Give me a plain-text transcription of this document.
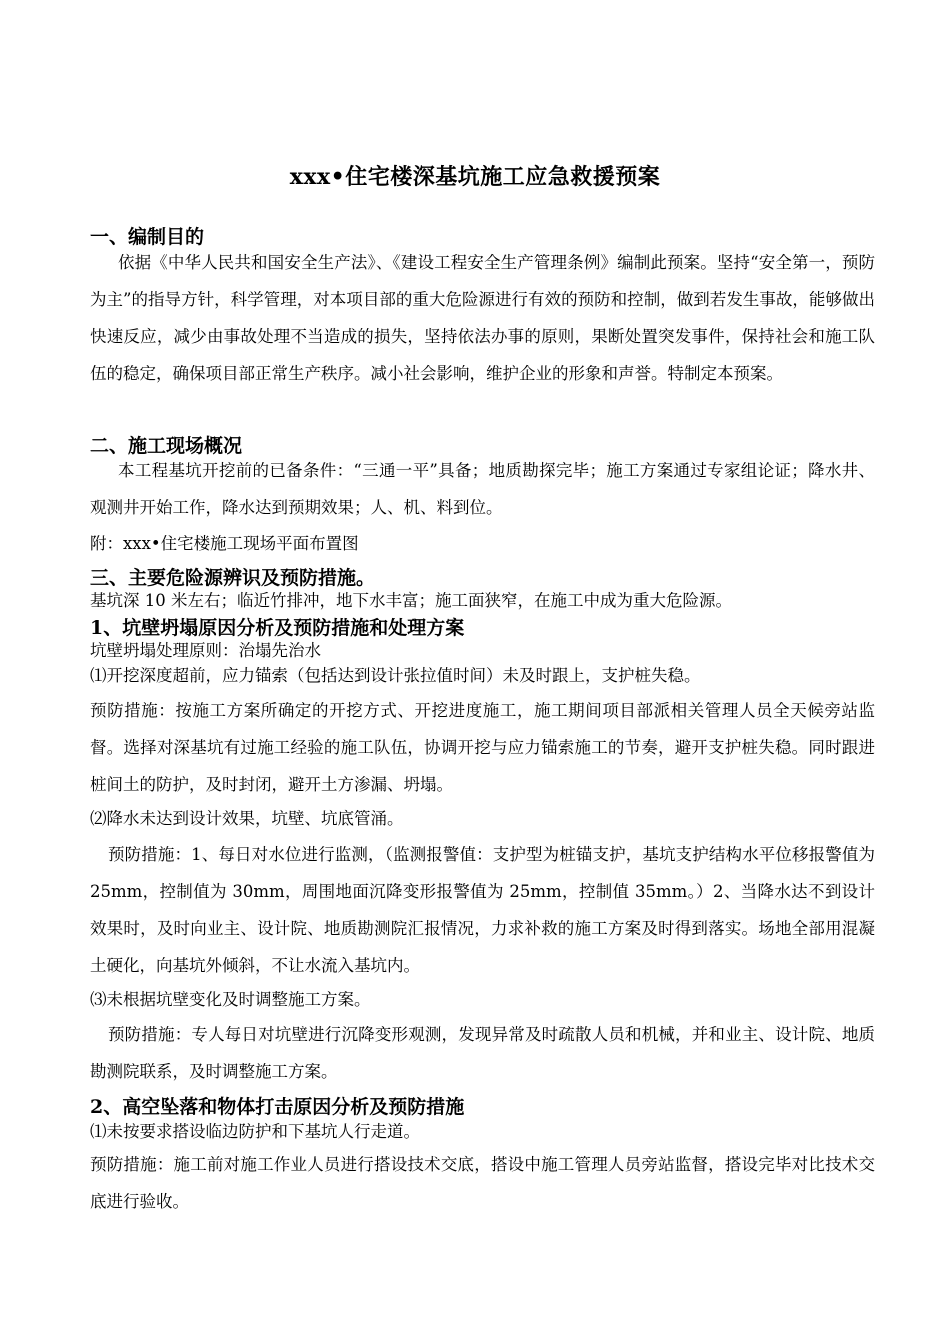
xxx•住宅楼深基坑施工应急救援预案
一、编制目的
依据《中华人民共和国安全生产法》、《建设工程安全生产管理条例》编制此预案。坚持“安全第一，预防为主”的指导方针，科学管理，对本项目部的重大危险源进行有效的预防和控制，做到若发生事故，能够做出快速反应，减少由事故处理不当造成的损失，坚持依法办事的原则，果断处置突发事件，保持社会和施工队伍的稳定，确保项目部正常生产秩序。减小社会影响，维护企业的形象和声誉。特制定本预案。
二、施工现场概况
本工程基坑开挖前的已备条件：“三通一平”具备；地质勘探完毕；施工方案通过专家组论证；降水井、观测井开始工作，降水达到预期效果；人、机、料到位。
附：xxx•住宅楼施工现场平面布置图
三、主要危险源辨识及预防措施。
基坑深 10 米左右；临近竹排冲，地下水丰富；施工面狭窄，在施工中成为重大危险源。
1、坑壁坍塌原因分析及预防措施和处理方案
坑壁坍塌处理原则：治塌先治水
⑴开挖深度超前，应力锚索（包括达到设计张拉值时间）未及时跟上，支护桩失稳。
预防措施：按施工方案所确定的开挖方式、开挖进度施工，施工期间项目部派相关管理人员全天候旁站监督。选择对深基坑有过施工经验的施工队伍，协调开挖与应力锚索施工的节奏，避开支护桩失稳。同时跟进桩间土的防护，及时封闭，避开土方渗漏、坍塌。
⑵降水未达到设计效果，坑壁、坑底管涌。
预防措施：1、每日对水位进行监测，（监测报警值：支护型为桩锚支护，基坑支护结构水平位移报警值为 25mm，控制值为 30mm，周围地面沉降变形报警值为 25mm，控制值 35mm。）2、当降水达不到设计效果时，及时向业主、设计院、地质勘测院汇报情况，力求补救的施工方案及时得到落实。场地全部用混凝土硬化，向基坑外倾斜，不让水流入基坑内。
⑶未根据坑壁变化及时调整施工方案。
预防措施：专人每日对坑壁进行沉降变形观测，发现异常及时疏散人员和机械，并和业主、设计院、地质勘测院联系，及时调整施工方案。
2、高空坠落和物体打击原因分析及预防措施
⑴未按要求搭设临边防护和下基坑人行走道。
预防措施：施工前对施工作业人员进行搭设技术交底，搭设中施工管理人员旁站监督，搭设完毕对比技术交底进行验收。
